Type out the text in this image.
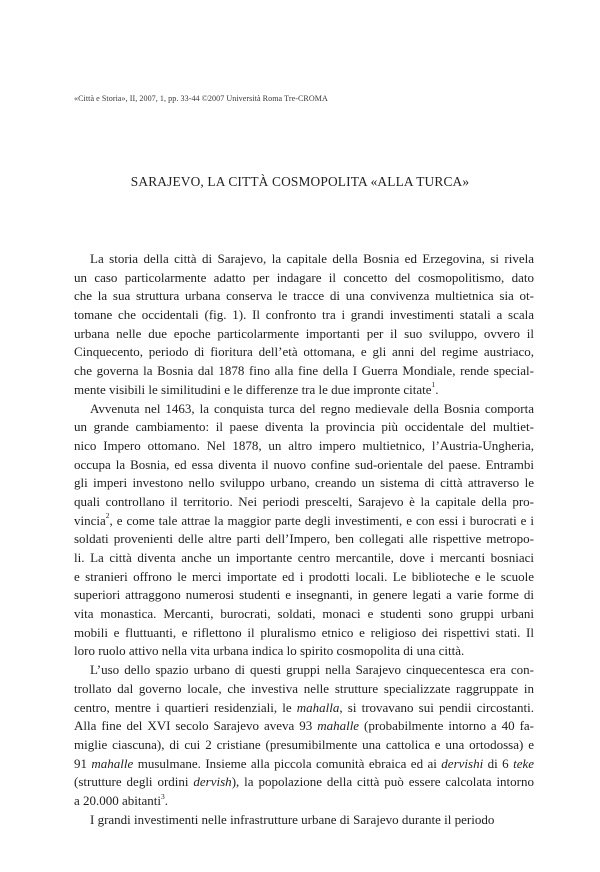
«Città e Storia», II, 2007, 1, pp. 33-44 ©2007 Università Roma Tre-CROMA
SARAJEVO, LA CITTÀ COSMOPOLITA «ALLA TURCA»
La storia della città di Sarajevo, la capitale della Bosnia ed Erzegovina, si rivela
un caso particolarmente adatto per indagare il concetto del cosmopolitismo, dato
che la sua struttura urbana conserva le tracce di una convivenza multietnica sia ot-
tomane che occidentali (fig. 1). Il confronto tra i grandi investimenti statali a scala
urbana nelle due epoche particolarmente importanti per il suo sviluppo, ovvero il
Cinquecento, periodo di fioritura dell’età ottomana, e gli anni del regime austriaco,
che governa la Bosnia dal 1878 fino alla fine della I Guerra Mondiale, rende special-
mente visibili le similitudini e le differenze tra le due impronte citate$^1$.
Avvenuta nel 1463, la conquista turca del regno medievale della Bosnia comporta
un grande cambiamento: il paese diventa la provincia più occidentale del multiet-
nico Impero ottomano. Nel 1878, un altro impero multietnico, l’Austria-Ungheria,
occupa la Bosnia, ed essa diventa il nuovo confine sud-orientale del paese. Entrambi
gli imperi investono nello sviluppo urbano, creando un sistema di città attraverso le
quali controllano il territorio. Nei periodi prescelti, Sarajevo è la capitale della pro-
vincia$^2$, e come tale attrae la maggior parte degli investimenti, e con essi i burocrati e i
soldati provenienti delle altre parti dell’Impero, ben collegati alle rispettive metropo-
li. La città diventa anche un importante centro mercantile, dove i mercanti bosniaci
e stranieri offrono le merci importate ed i prodotti locali. Le biblioteche e le scuole
superiori attraggono numerosi studenti e insegnanti, in genere legati a varie forme di
vita monastica. Mercanti, burocrati, soldati, monaci e studenti sono gruppi urbani
mobili e fluttuanti, e riflettono il pluralismo etnico e religioso dei rispettivi stati. Il
loro ruolo attivo nella vita urbana indica lo spirito cosmopolita di una città.
L’uso dello spazio urbano di questi gruppi nella Sarajevo cinquecentesca era con-
trollato dal governo locale, che investiva nelle strutture specializzate raggruppate in
centro, mentre i quartieri residenziali, le mahalla, si trovavano sui pendii circostanti.
Alla fine del XVI secolo Sarajevo aveva 93 mahalle (probabilmente intorno a 40 fa-
miglie ciascuna), di cui 2 cristiane (presumibilmente una cattolica e una ortodossa) e
91 mahalle musulmane. Insieme alla piccola comunità ebraica ed ai dervishi di 6 teke
(strutture degli ordini dervish), la popolazione della città può essere calcolata intorno
a 20.000 abitanti$^3$.
I grandi investimenti nelle infrastrutture urbane di Sarajevo durante il periodo
